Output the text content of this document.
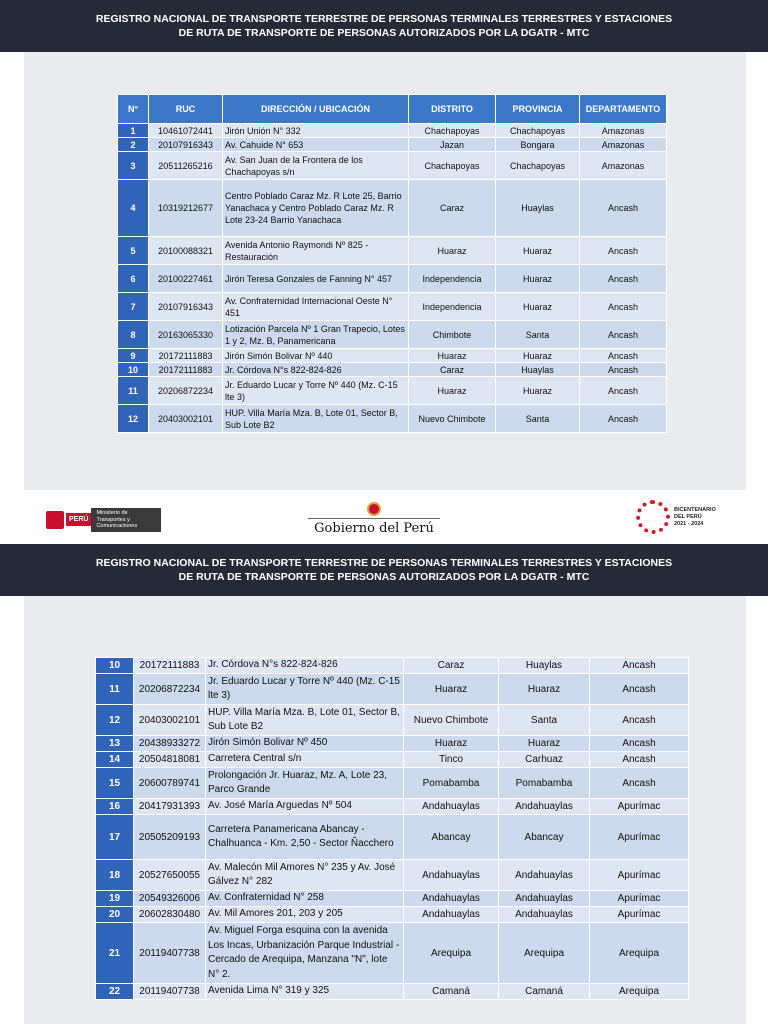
REGISTRO NACIONAL DE TRANSPORTE TERRESTRE DE PERSONAS TERMINALES TERRESTRES Y ESTACIONES
DE RUTA DE TRANSPORTE DE PERSONAS AUTORIZADOS POR LA DGATR - MTC
N°	RUC	DIRECCIÓN / UBICACIÓN	DISTRITO	PROVINCIA	DEPARTAMENTO
1	10461072441	Jirón Unión N° 332	Chachapoyas	Chachapoyas	Amazonas
2	20107916343	Av. Cahuide N° 653	Jazan	Bongara	Amazonas
3	20511265216	Av. San Juan de la Frontera de los Chachapoyas s/n	Chachapoyas	Chachapoyas	Amazonas
4	10319212677	Centro Poblado Caraz Mz. R Lote 25, Barrio Yanachaca y Centro Poblado Caraz Mz. R Lote 23-24 Barrio Yanachaca	Caraz	Huaylas	Ancash
5	20100088321	Avenida Antonio Raymondi Nº 825 - Restauración	Huaraz	Huaraz	Ancash
6	20100227461	Jirón Teresa Gonzales de Fanning N° 457	Independencia	Huaraz	Ancash
7	20107916343	Av. Confraternidad Internacional Oeste N° 451	Independencia	Huaraz	Ancash
8	20163065330	Lotización Parcela Nº 1 Gran Trapecio, Lotes 1 y 2, Mz. B, Panamericana	Chimbote	Santa	Ancash
9	20172111883	Jirón Simón Bolivar Nº 440	Huaraz	Huaraz	Ancash
10	20172111883	Jr. Córdova N°s 822-824-826	Caraz	Huaylas	Ancash
11	20206872234	Jr. Eduardo Lucar y Torre Nº 440 (Mz. C-15 lte 3)	Huaraz	Huaraz	Ancash
12	20403002101	HUP. Villa María Mza. B, Lote 01, Sector B, Sub Lote B2	Nuevo Chimbote	Santa	Ancash
PERÚ
Ministerio de Transportes y Comunicaciones	Gobierno del Perú
BICENTENARIO
DEL PERÚ
2021 - 2024
REGISTRO NACIONAL DE TRANSPORTE TERRESTRE DE PERSONAS TERMINALES TERRESTRES Y ESTACIONES
DE RUTA DE TRANSPORTE DE PERSONAS AUTORIZADOS POR LA DGATR - MTC
10	20172111883	Jr. Córdova N°s 822-824-826	Caraz	Huaylas	Ancash
11	20206872234	Jr. Eduardo Lucar y Torre Nº 440 (Mz. C-15 lte 3)	Huaraz	Huaraz	Ancash
12	20403002101	HUP. Villa María Mza. B, Lote 01, Sector B, Sub Lote B2	Nuevo Chimbote	Santa	Ancash
13	20438933272	Jirón Simón Bolivar Nº 450	Huaraz	Huaraz	Ancash
14	20504818081	Carretera Central s/n	Tinco	Carhuaz	Ancash
15	20600789741	Prolongación Jr. Huaraz, Mz. A, Lote 23, Parco Grande	Pomabamba	Pomabamba	Ancash
16	20417931393	Av. José María Arguedas Nº 504	Andahuaylas	Andahuaylas	Apurímac
17	20505209193	Carretera Panamericana Abancay - Chalhuanca - Km. 2,50 - Sector Ñacchero	Abancay	Abancay	Apurímac
18	20527650055	Av. Malecón Mil Amores N° 235 y Av. José Gálvez N° 282	Andahuaylas	Andahuaylas	Apurímac
19	20549326006	Av. Confraternidad N° 258	Andahuaylas	Andahuaylas	Apurímac
20	20602830480	Av. Mil Amores 201, 203 y 205	Andahuaylas	Andahuaylas	Apurímac
21	20119407738	Av. Miguel Forga esquina con la avenida Los Incas, Urbanización Parque Industrial - Cercado de Arequipa, Manzana "N", lote N° 2.	Arequipa	Arequipa	Arequipa
22	20119407738	Avenida Lima N° 319 y 325	Camaná	Camaná	Arequipa
